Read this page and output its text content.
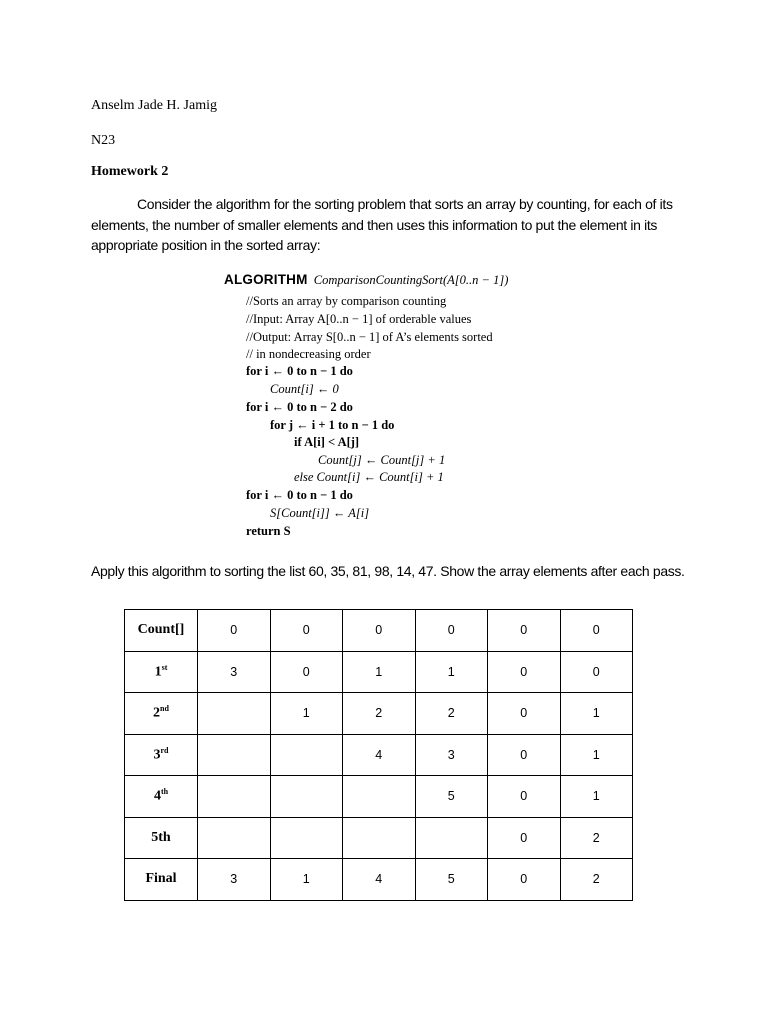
Anselm Jade H. Jamig
N23
Homework 2
Consider the algorithm for the sorting problem that sorts an array by counting, for each of its elements, the number of smaller elements and then uses this information to put the element in its appropriate position in the sorted array:
ALGORITHM ComparisonCountingSort(A[0..n − 1])
//Sorts an array by comparison counting
//Input: Array A[0..n − 1] of orderable values
//Output: Array S[0..n − 1] of A’s elements sorted
// in nondecreasing order
for i ← 0 to n − 1 do
Count[i] ← 0
for i ← 0 to n − 2 do
for j ← i + 1 to n − 1 do
if A[i] < A[j]
Count[j] ← Count[j] + 1
else Count[i] ← Count[i] + 1
for i ← 0 to n − 1 do
S[Count[i]] ← A[i]
return S
Apply this algorithm to sorting the list 60, 35, 81, 98, 14, 47. Show the array elements after each pass.
Count[]	0	0	0	0	0	0
1st	3	0	1	1	0	0
2nd		1	2	2	0	1
3rd			4	3	0	1
4th				5	0	1
5th					0	2
Final	3	1	4	5	0	2
